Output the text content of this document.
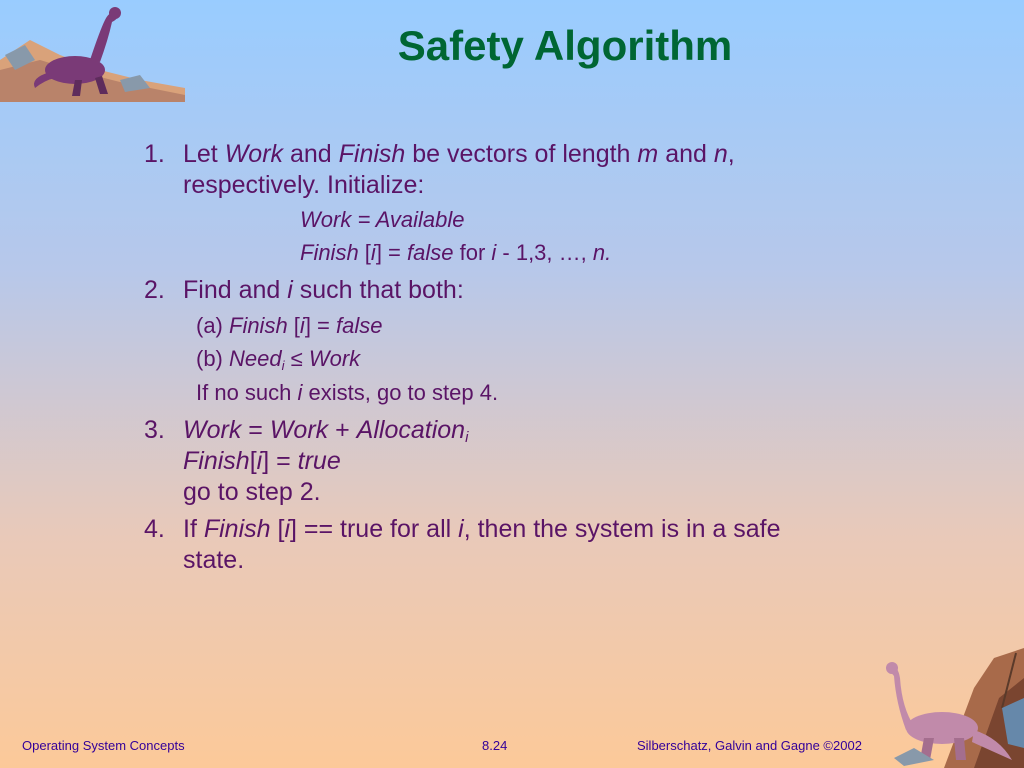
Safety Algorithm
1. Let Work and Finish be vectors of length m and n,
respectively. Initialize:
Work = Available
Finish [i] = false for i - 1,3, …, n.
2. Find and i such that both:
(a) Finish [i] = false
(b) Need$_i$ ≤ Work
If no such i exists, go to step 4.
3. Work = Work + Allocation$_i$
Finish[i] = true
go to step 2.
4. If Finish [i] == true for all i, then the system is in a safe
state.
Operating System Concepts	8.24	Silberschatz, Galvin and Gagne ©2002
